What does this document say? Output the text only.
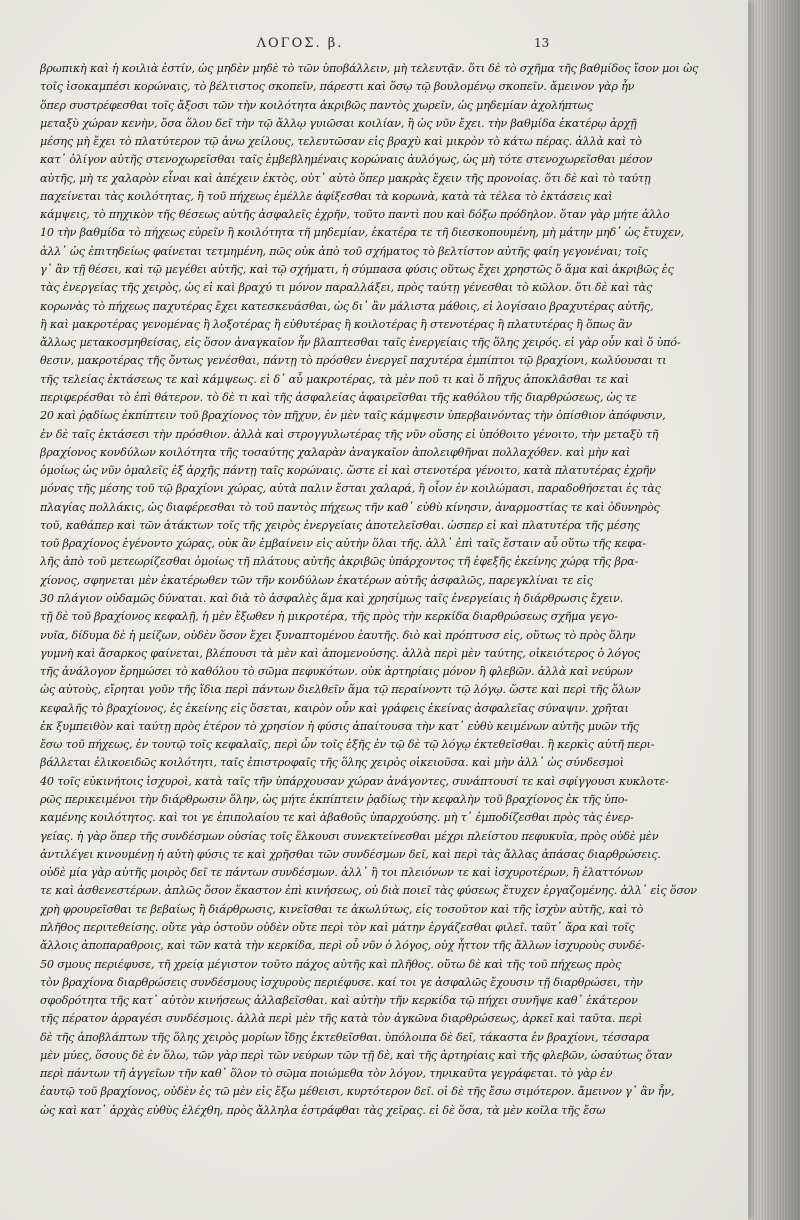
ΛΟΓΟΣ. β.	13
βρωπικὴ καὶ ἡ κοιλιὰ ἐστίν, ὡς μηδὲν μηδὲ τὸ τῶν ὑποβάλλειν, μὴ τελευτᾷν. ὅτι δὲ τὸ σχῆμα τῆς βαθμίδος ἴσον μοι ὡς
τοῖς ἰσοκαμπέσι κορώναις, τὸ βέλτιστος σκοπεῖν, πάρεστι καὶ ὅσῳ τῷ βουλομένῳ σκοπεῖν. ἄμεινον γὰρ ἦν
ὅπερ συστρέφεσθαι τοῖς ἄξοσι τῶν τὴν κοιλότητα ἀκριβῶς παντὸς χωρεῖν, ὡς μηδεμίαν ἀχολήπτως
μεταξὺ χώραν κενὴν, ὅσα ὅλου δεῖ τὴν τῷ ἄλλῳ γυιῶσαι κοιλίαν, ἢ ὡς νῦν ἔχει. τὴν βαθμίδα ἐκατέρῳ ἀρχῇ
μέσης μὴ ἔχει τὸ πλατύτερον τῷ ἀνω χείλους, τελευτῶσαν εἰς βραχὺ καὶ μικρὸν τὸ κάτω πέρας. ἀλλὰ καὶ τὸ
κατ᾽ ὀλίγον αὐτῆς στενοχωρεῖσθαι ταῖς ἐμβεβλημέναις κορώναις ἀυλόγως, ὡς μὴ τότε στενοχωρεῖσθαι μέσον
αὐτῆς, μὴ τε χαλαρὸν εἶναι καὶ ἀπέχειν ἐκτὸς, οὐτ᾽ αὐτὸ ὅπερ μακρὰς ἔχειν τῆς προνοίας. ὅτι δὲ καὶ τὸ ταύτῃ
παχείνεται τὰς κοιλότητας, ἢ τοῦ πήχεως ἐμέλλε ἀφίξεσθαι τὰ κορωνὰ, κατὰ τὰ τέλεα τὸ ἐκτάσεις καὶ
κάμψεις, τὸ πηχικὸν τῆς θέσεως αὐτῆς ἀσφαλεῖς ἐχρῆν, τοῦτο παντὶ που καὶ δόξω πρόδηλον. ὅταν γὰρ μήτε ἀλλο
10 τὴν βαθμίδα τὸ πήχεως εὐρεῖν ἢ κοιλότητα τῆ μηδεμίαν, ἑκατέρα τε τῆ διεσκοπουμένη, μὴ μάτην μηδ᾽ ὡς ἔτυχεν,
ἀλλ᾽ ὡς ἐπιτηδείως φαίνεται τετμημένη, πῶς οὐκ ἀπὸ τοῦ σχήματος τὸ βελτίστον αὐτῆς φαίη γεγονέναι; τοῖς
γ᾽ ἂν τῇ θέσει, καὶ τῷ μεγέθει αὐτῆς, καὶ τῷ σχήματι, ἡ σύμπασα φύσις οὕτως ἔχει χρηστῶς ὅ ἅμα καὶ ἀκριβῶς ἐς
τὰς ἐνεργείας τῆς χειρὸς, ὡς εἰ καὶ βραχύ τι μόνον παραλλάξει, πρὸς ταύτῃ γένεσθαι τὸ κῶλον. ὅτι δὲ καὶ τὰς
κορωνὰς τὸ πήχεως παχυτέρας ἔχει κατεσκευάσθαι, ὡς δι᾽ ἂν μάλιστα μάθοις, εἰ λογίσαιο βραχυτέρας αὐτῆς,
ἢ καὶ μακροτέρας γενομένας ἢ λοξοτέρας ἢ εὐθυτέρας ἢ κοιλοτέρας ἢ στενοτέρας ἢ πλατυτέρας ἢ ὅπως ἂν
ἄλλως μετακοσμηθείσας, εἰς ὅσον ἀναγκαῖον ἦν βλαπτεσθαι ταῖς ἐνεργείαις τῆς ὅλης χειρός. εἰ γὰρ οὖν καὶ ὅ ὑπό-
θεσιν, μακροτέρας τῆς ὄντως γενέσθαι, πάντῃ τὸ πρόσθεν ἐνεργεῖ παχυτέρα ἐμπίπτοι τῷ βραχίονι, κωλύουσαι τι
τῆς τελείας ἐκτάσεως τε καὶ κάμψεως. εἰ δ᾽ αὖ μακροτέρας, τὰ μὲν ποῦ τι καὶ ὅ πῆχυς ἀποκλᾶσθαι τε καὶ
περιφερέσθαι τὸ ἐπὶ θάτερον. τὸ δὲ τι καὶ τῆς ἀσφαλείας ἀφαιρεῖσθαι τῆς καθόλου τῆς διαρθρώσεως, ὡς τε
20 καὶ ῥᾳδίως ἐκπίπτειν τοῦ βραχίονος τὸν πῆχυν, ἐν μὲν ταῖς κάμψεσιν ὑπερβαινόντας τὴν ὀπίσθιον ἀπόφυσιν,
ἐν δὲ ταῖς ἐκτάσεσι τὴν πρόσθιον. ἀλλὰ καὶ στρογγυλωτέρας τῆς νῦν οὔσης εἰ ὑπόθοιτο γένοιτο, τὴν μεταξὺ τῆ
βραχίονος κονδύλων κοιλότητα τῆς τοσαύτης χαλαρὰν ἀναγκαῖον ἀπολειφθῆναι πολλαχόθεν. καὶ μὴν καὶ
ὁμοίως ὡς νῦν ὁμαλεῖς ἐξ ἀρχῆς πάντῃ ταῖς κορώναις. ὥστε εἰ καὶ στενοτέρα γένοιτο, κατὰ πλατυτέρας ἐχρῆν
μόνας τῆς μέσης τοῦ τῷ βραχίονι χώρας, αὐτὰ παλιν ἔσται χαλαρά, ἢ οἷον ἐν κοιλώμασι, παραδοθήσεται ἐς τὰς
πλαγίας πολλάκις, ὡς διαφέρεσθαι τὸ τοῦ παντὸς πήχεως τῆν καθ᾽ εὐθὺ κίνησιν, ἀναρμοστίας τε καὶ ὀδυνηρὸς
τοῦ, καθάπερ καὶ τῶν ἀτάκτων τοῖς τῆς χειρὸς ἐνεργείαις ἀποτελεῖσθαι. ὡσπερ εἰ καὶ πλατυτέρα τῆς μέσης
τοῦ βραχίονος ἐγένοντο χώρας, οὐκ ἂν ἐμβαίνειν εἰς αὐτὴν ὅλαι τῆς. ἀλλ᾽ ἐπὶ ταῖς ἔσταιν αὖ οὕτω τῆς κεφα-
λῆς ἀπὸ τοῦ μετεωρίζεσθαι ὁμοίως τῆ πλάτους αὐτῆς ἀκριβῶς ὑπάρχοντος τῆ ἐφεξῆς ἐκείνης χώρᾳ τῆς βρα-
χίονος, σφηνεται μὲν ἐκατέρωθεν τῶν τῆν κονδύλων ἑκατέρων αὐτῆς ἀσφαλῶς, παρεγκλίναι τε εἰς
30 πλάγιον οὐδαμῶς δύναται. καὶ διὰ τὸ ἀσφαλὲς ἅμα καὶ χρησίμως ταῖς ἐνεργείαις ἡ διάρθρωσις ἔχειν.
τῇ δὲ τοῦ βραχίονος κεφαλῇ, ἡ μὲν ἔξωθεν ἡ μικροτέρα, τῆς πρὸς τὴν κερκίδα διαρθρώσεως σχῆμα γεγο-
νυῖα, δίδυμα δὲ ἡ μείζων, οὐδὲν ὅσον ἔχει ξυναπτομένου ἑαυτῆς. διὸ καὶ πρόπτυσσ εἰς, οὕτως τὸ πρὸς ὅλην
γυμνὴ καὶ ἄσαρκος φαίνεται, βλέπουσι τὰ μὲν καὶ ἀπομενούσης. ἀλλὰ περὶ μὲν ταύτης, οἰκειότερος ὁ λόγος
τῆς ἀνάλογον ἔρημώσει τὸ καθόλου τὸ σῶμα πεφυκότων. οὐκ ἀρτηρίαις μόνον ἢ φλεβῶν. ἀλλὰ καὶ νεύρων
ὡς αὐτοὺς, εἴρηται γοῦν τῆς ἴδια περὶ πάντων διελθεῖν ἅμα τῷ περαίνοντι τῷ λόγῳ. ὥστε καὶ περὶ τῆς ὅλων
κεφαλῆς τὸ βραχίονος, ἐς ἐκείνης εἰς ὅσεται, καιρὸν οὖν καὶ γράφεις ἐκείνας ἀσφαλεῖας σύναψιν. χρῆται
ἐκ ξυμπειθὸν καὶ ταύτῃ πρὸς ἑτέρον τὸ χρησίον ἡ φύσις ἀπαίτουσα τὴν κατ᾽ εὐθὺ κειμένων αὐτῆς μυῶν τῆς
ἔσω τοῦ πήχεως, ἐν τουτῷ τοῖς κεφαλαῖς, περὶ ὧν τοῖς ἑξῆς ἐν τῷ δὲ τῷ λόγῳ ἐκτεθεῖσθαι. ἢ κερκὶς αὐτῆ περι-
βάλλεται ἐλικοειδῶς κοιλότητι, ταῖς ἐπιστροφαῖς τῆς ὅλης χειρὸς οἰκειοῦσα. καὶ μὴν ἀλλ᾽ ὡς σύνδεσμοὶ
40 τοῖς εὐκινήτοις ἰσχυροὶ, κατὰ ταῖς τῆν ὑπάρχουσαν χώραν ἀνάγοντες, συνάπτουσί τε καὶ σφίγγουσι κυκλοτε-
ρῶς περικειμένοι τὴν διάρθρωσιν ὅλην, ὡς μήτε ἐκπίπτειν ῥᾳδίως τὴν κεφαλὴν τοῦ βραχίονος ἐκ τῆς ὑπο-
καμένης κοιλότητος. καὶ τοι γε ἐπιπολαίου τε καὶ ἀβαθοῦς ὑπαρχούσης. μὴ τ᾽ ἐμποδίζεσθαι πρὸς τὰς ἐνερ-
γείας. ἡ γὰρ ὅπερ τῆς συνδέσμων οὐσίας τοῖς ἕλκουσι συνεκτείνεσθαι μέχρι πλείστου πεφυκυῖα, πρὸς οὐδὲ μὲν
ἀντιλέγει κινουμένῃ ἡ αὐτὴ φύσις τε καὶ χρῆσθαι τῶν συνδέσμων δεῖ, καὶ περὶ τὰς ἄλλας ἀπάσας διαρθρώσεις.
οὐδὲ μία γὰρ αὐτῆς μοιρὸς δεῖ τε πάντων συνδέσμων. ἀλλ᾽ ἢ τοι πλειόνων τε καὶ ἰσχυροτέρων, ἢ ἐλαττόνων
τε καὶ ἀσθενεστέρων. ἀπλῶς ὅσον ἕκαστον ἐπὶ κινήσεως, οὐ διὰ ποιεῖ τὰς φύσεως ἔτυχεν ἐργαζομένης. ἀλλ᾽ εἰς ὅσον
χρὴ φρουρεῖσθαι τε βεβαίως ἢ διάρθρωσις, κινεῖσθαι τε ἀκωλύτως, εἰς τοσοῦτον καὶ τῆς ἰσχὺν αὐτῆς, καὶ τὸ
πλῆθος περιτεθείσης. οὔτε γὰρ ὀστοῦν οὐδὲν οὔτε περὶ τὸν καὶ μάτην ἐργάζεσθαι φιλεῖ. ταῦτ᾽ ἄρα καὶ τοῖς
ἄλλοις ἀποπαραθροις, καὶ τῶν κατὰ τὴν κερκίδα, περὶ οὗ νῦν ὁ λόγος, οὐχ ἧττον τῆς ἄλλων ἰσχυροὺς συνδέ-
50 σμους περιέφυσε, τῆ χρείᾳ μέγιστον τοῦτο πάχος αὐτῆς καὶ πλῆθος. οὕτω δὲ καὶ τῆς τοῦ πήχεως πρὸς
τὸν βραχίονα διαρθρώσεις συνδέσμους ἰσχυροὺς περιέφυσε. καί τοι γε ἀσφαλῶς ἔχουσιν τῇ διαρθρώσει, τὴν
σφοδρότητα τῆς κατ᾽ αὐτὸν κινήσεως ἀλλαβεῖσθαι. καὶ αὐτὴν τῆν κερκίδα τῷ πήχει συνῆψε καθ᾽ ἑκάτερον
τῆς πέρατον ἀρραγέσι συνδέσμοις. ἀλλὰ περὶ μὲν τῆς κατὰ τὸν ἀγκῶνα διαρθρώσεως, ἀρκεῖ καὶ ταῦτα. περὶ
δὲ τῆς ἀποβλάπτων τῆς ὅλης χειρὸς μορίων ἴδῃς ἐκτεθεῖσθαι. ὑπόλοιπα δὲ δεῖ, τάκαστα ἐν βραχίονι, τέσσαρα
μὲν μύες, ὅσους δὲ ἐν ὅλω, τῶν γὰρ περὶ τῶν νεύρων τῶν τῇ δὲ, καὶ τῆς ἀρτηρίαις καὶ τῆς φλεβῶν, ὡσαύτως ὅταν
περὶ πάντων τῆ ἀγγεῖων τῆν καθ᾽ ὅλον τὸ σῶμα ποιώμεθα τὸν λόγον, τηνικαῦτα γεγράφεται. τὸ γὰρ ἐν
ἑαυτῷ τοῦ βραχίονος, οὐδὲν ἐς τῶ μὲν εἰς ἔξω μέθεισι, κυρτότερον δεῖ. οἱ δὲ τῆς ἔσω σιμότερον. ἄμεινον γ᾽ ἂν ἦν,
ὡς καὶ κατ᾽ ἀρχὰς εὐθὺς ἐλέχθη, πρὸς ἄλληλα ἐστράφθαι τὰς χεῖρας. εἰ δὲ ὅσα, τὰ μὲν κοῖλα τῆς ἔσω
